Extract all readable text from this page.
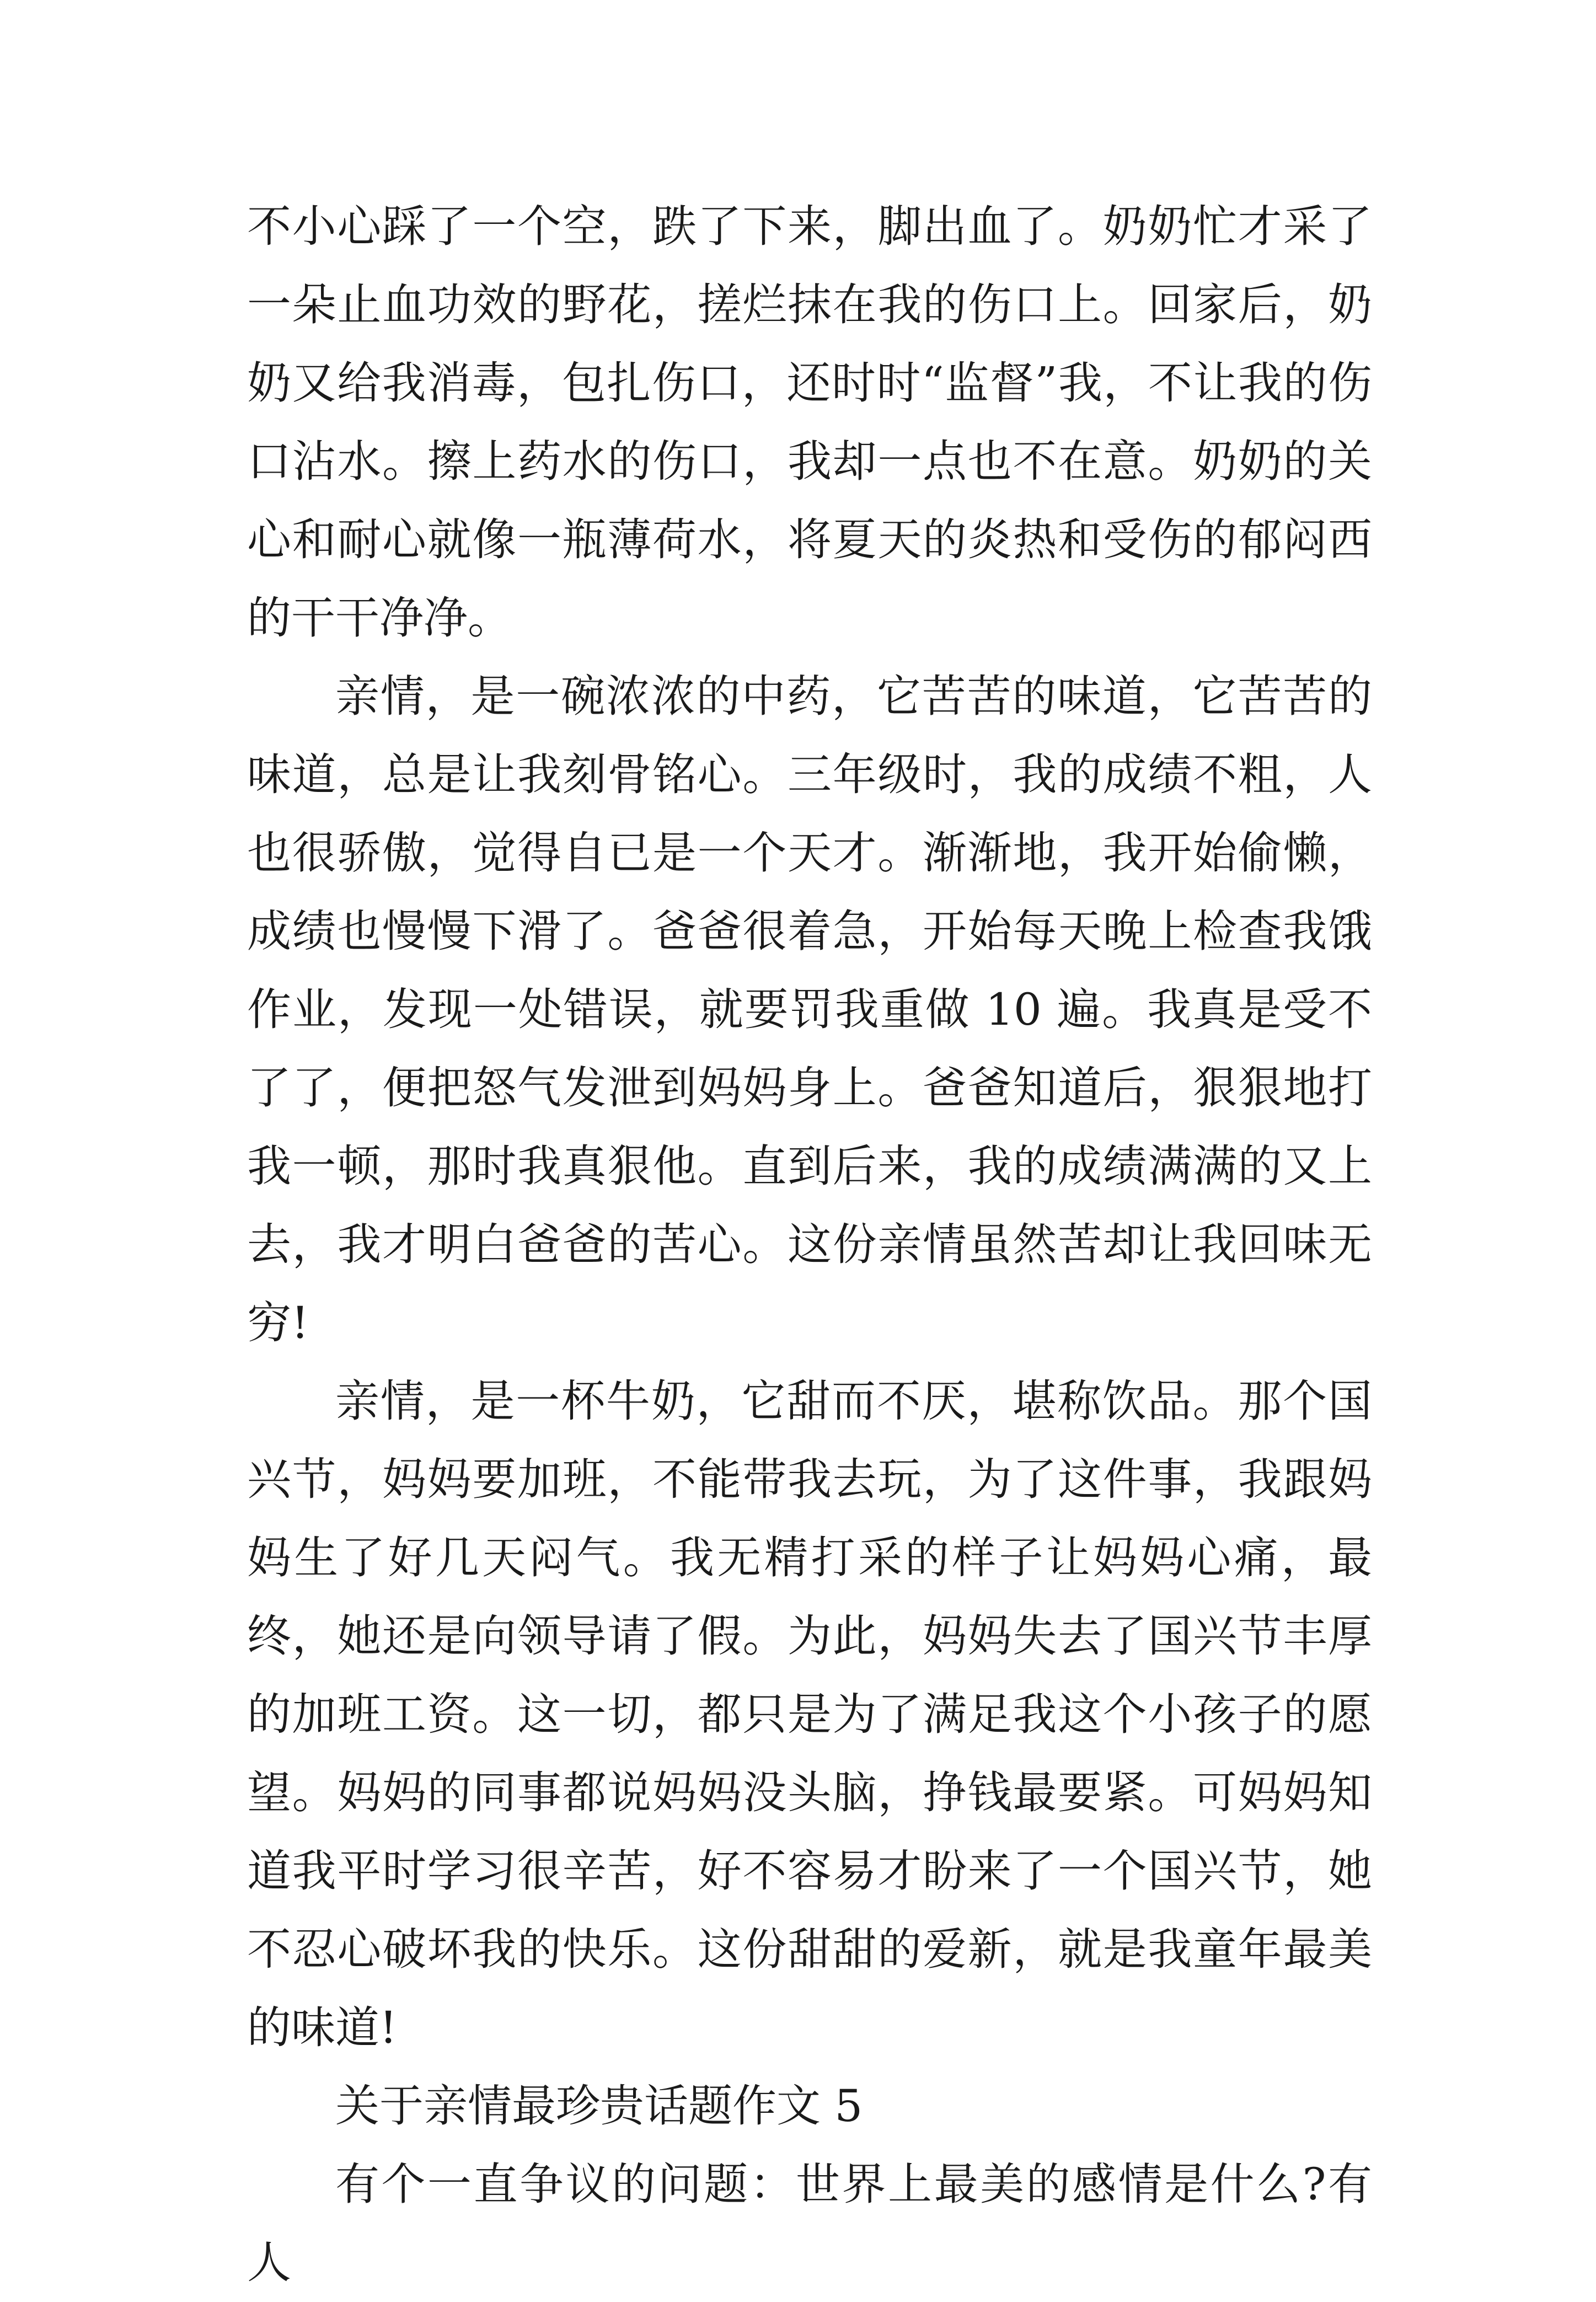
不小心踩了一个空，跌了下来，脚出血了。奶奶忙才采了一朵止血功效的野花，搓烂抹在我的伤口上。回家后，奶奶又给我消毒，包扎伤口，还时时“监督”我，不让我的伤口沾水。擦上药水的伤口，我却一点也不在意。奶奶的关心和耐心就像一瓶薄荷水，将夏天的炎热和受伤的郁闷西的干干净净。

亲情，是一碗浓浓的中药，它苦苦的味道，它苦苦的味道，总是让我刻骨铭心。三年级时，我的成绩不粗，人也很骄傲，觉得自已是一个天才。渐渐地，我开始偷懒，成绩也慢慢下滑了。爸爸很着急，开始每天晚上检查我饿作业，发现一处错误，就要罚我重做 10 遍。我真是受不了了，便把怒气发泄到妈妈身上。爸爸知道后，狠狠地打我一顿，那时我真狠他。直到后来，我的成绩满满的又上去，我才明白爸爸的苦心。这份亲情虽然苦却让我回味无穷!

亲情，是一杯牛奶，它甜而不厌，堪称饮品。那个国兴节，妈妈要加班，不能带我去玩，为了这件事，我跟妈妈生了好几天闷气。我无精打采的样子让妈妈心痛，最终，她还是向领导请了假。为此，妈妈失去了国兴节丰厚的加班工资。这一切，都只是为了满足我这个小孩子的愿望。妈妈的同事都说妈妈没头脑，挣钱最要紧。可妈妈知道我平时学习很辛苦，好不容易才盼来了一个国兴节，她不忍心破坏我的快乐。这份甜甜的爱新，就是我童年最美的味道!

关于亲情最珍贵话题作文 5

有个一直争议的问题：世界上最美的感情是什么?有人
